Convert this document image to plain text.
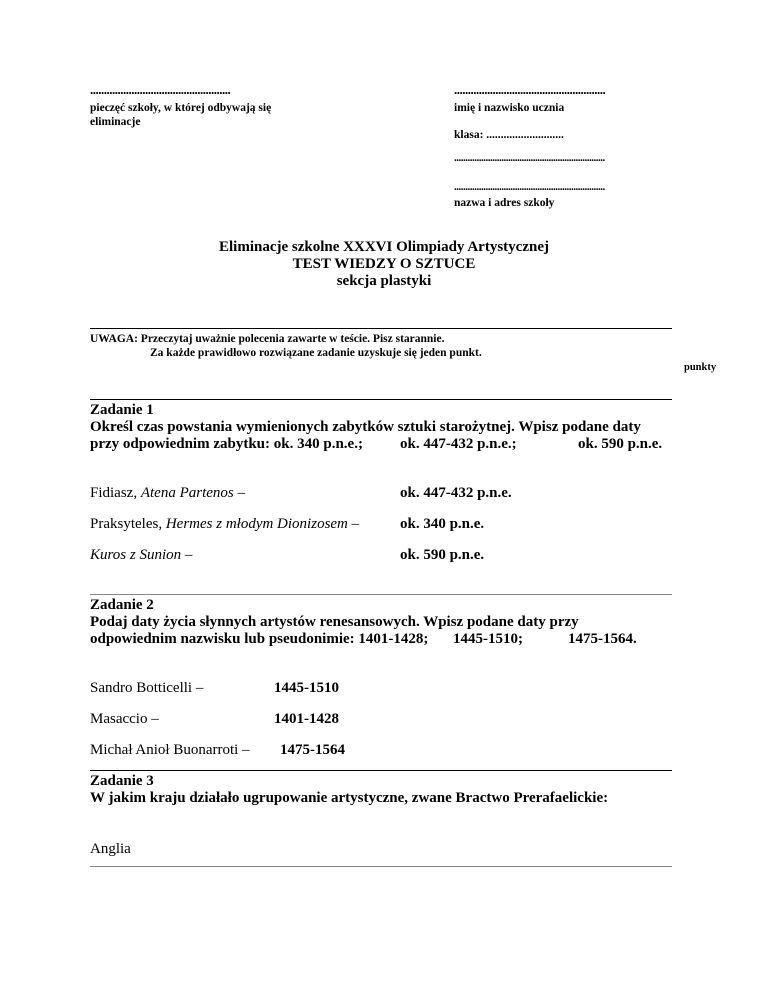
...................................................
pieczęć szkoły, w której odbywają się
eliminacje
.......................................................
imię i nazwisko ucznia
klasa: ...........................
...................................................................
...................................................................
nazwa i adres szkoły
Eliminacje szkolne XXXVI Olimpiady Artystycznej
TEST WIEDZY O SZTUCE
sekcja plastyki
UWAGA: Przeczytaj uważnie polecenia zawarte w teście. Pisz starannie.
Za każde prawidłowo rozwiązane zadanie uzyskuje się jeden punkt.
punkty
Zadanie 1
Określ czas powstania wymienionych zabytków sztuki starożytnej. Wpisz podane daty
przy odpowiednim zabytku: ok. 340 p.n.e.; ok. 447-432 p.n.e.;	ok. 590 p.n.e.
Fidiasz, Atena Partenos –	ok. 447-432 p.n.e.
Praksyteles, Hermes z młodym Dionizosem –	ok. 340 p.n.e.
Kuros z Sunion –	ok. 590 p.n.e.
Zadanie 2
Podaj daty życia słynnych artystów renesansowych. Wpisz podane daty przy
odpowiednim nazwisku lub pseudonimie: 1401-1428; 1445-1510;	1475-1564.
Sandro Botticelli –	1445-1510
Masaccio –	1401-1428
Michał Anioł Buonarroti – 1475-1564
Zadanie 3
W jakim kraju działało ugrupowanie artystyczne, zwane Bractwo Prerafaelickie:
Anglia
